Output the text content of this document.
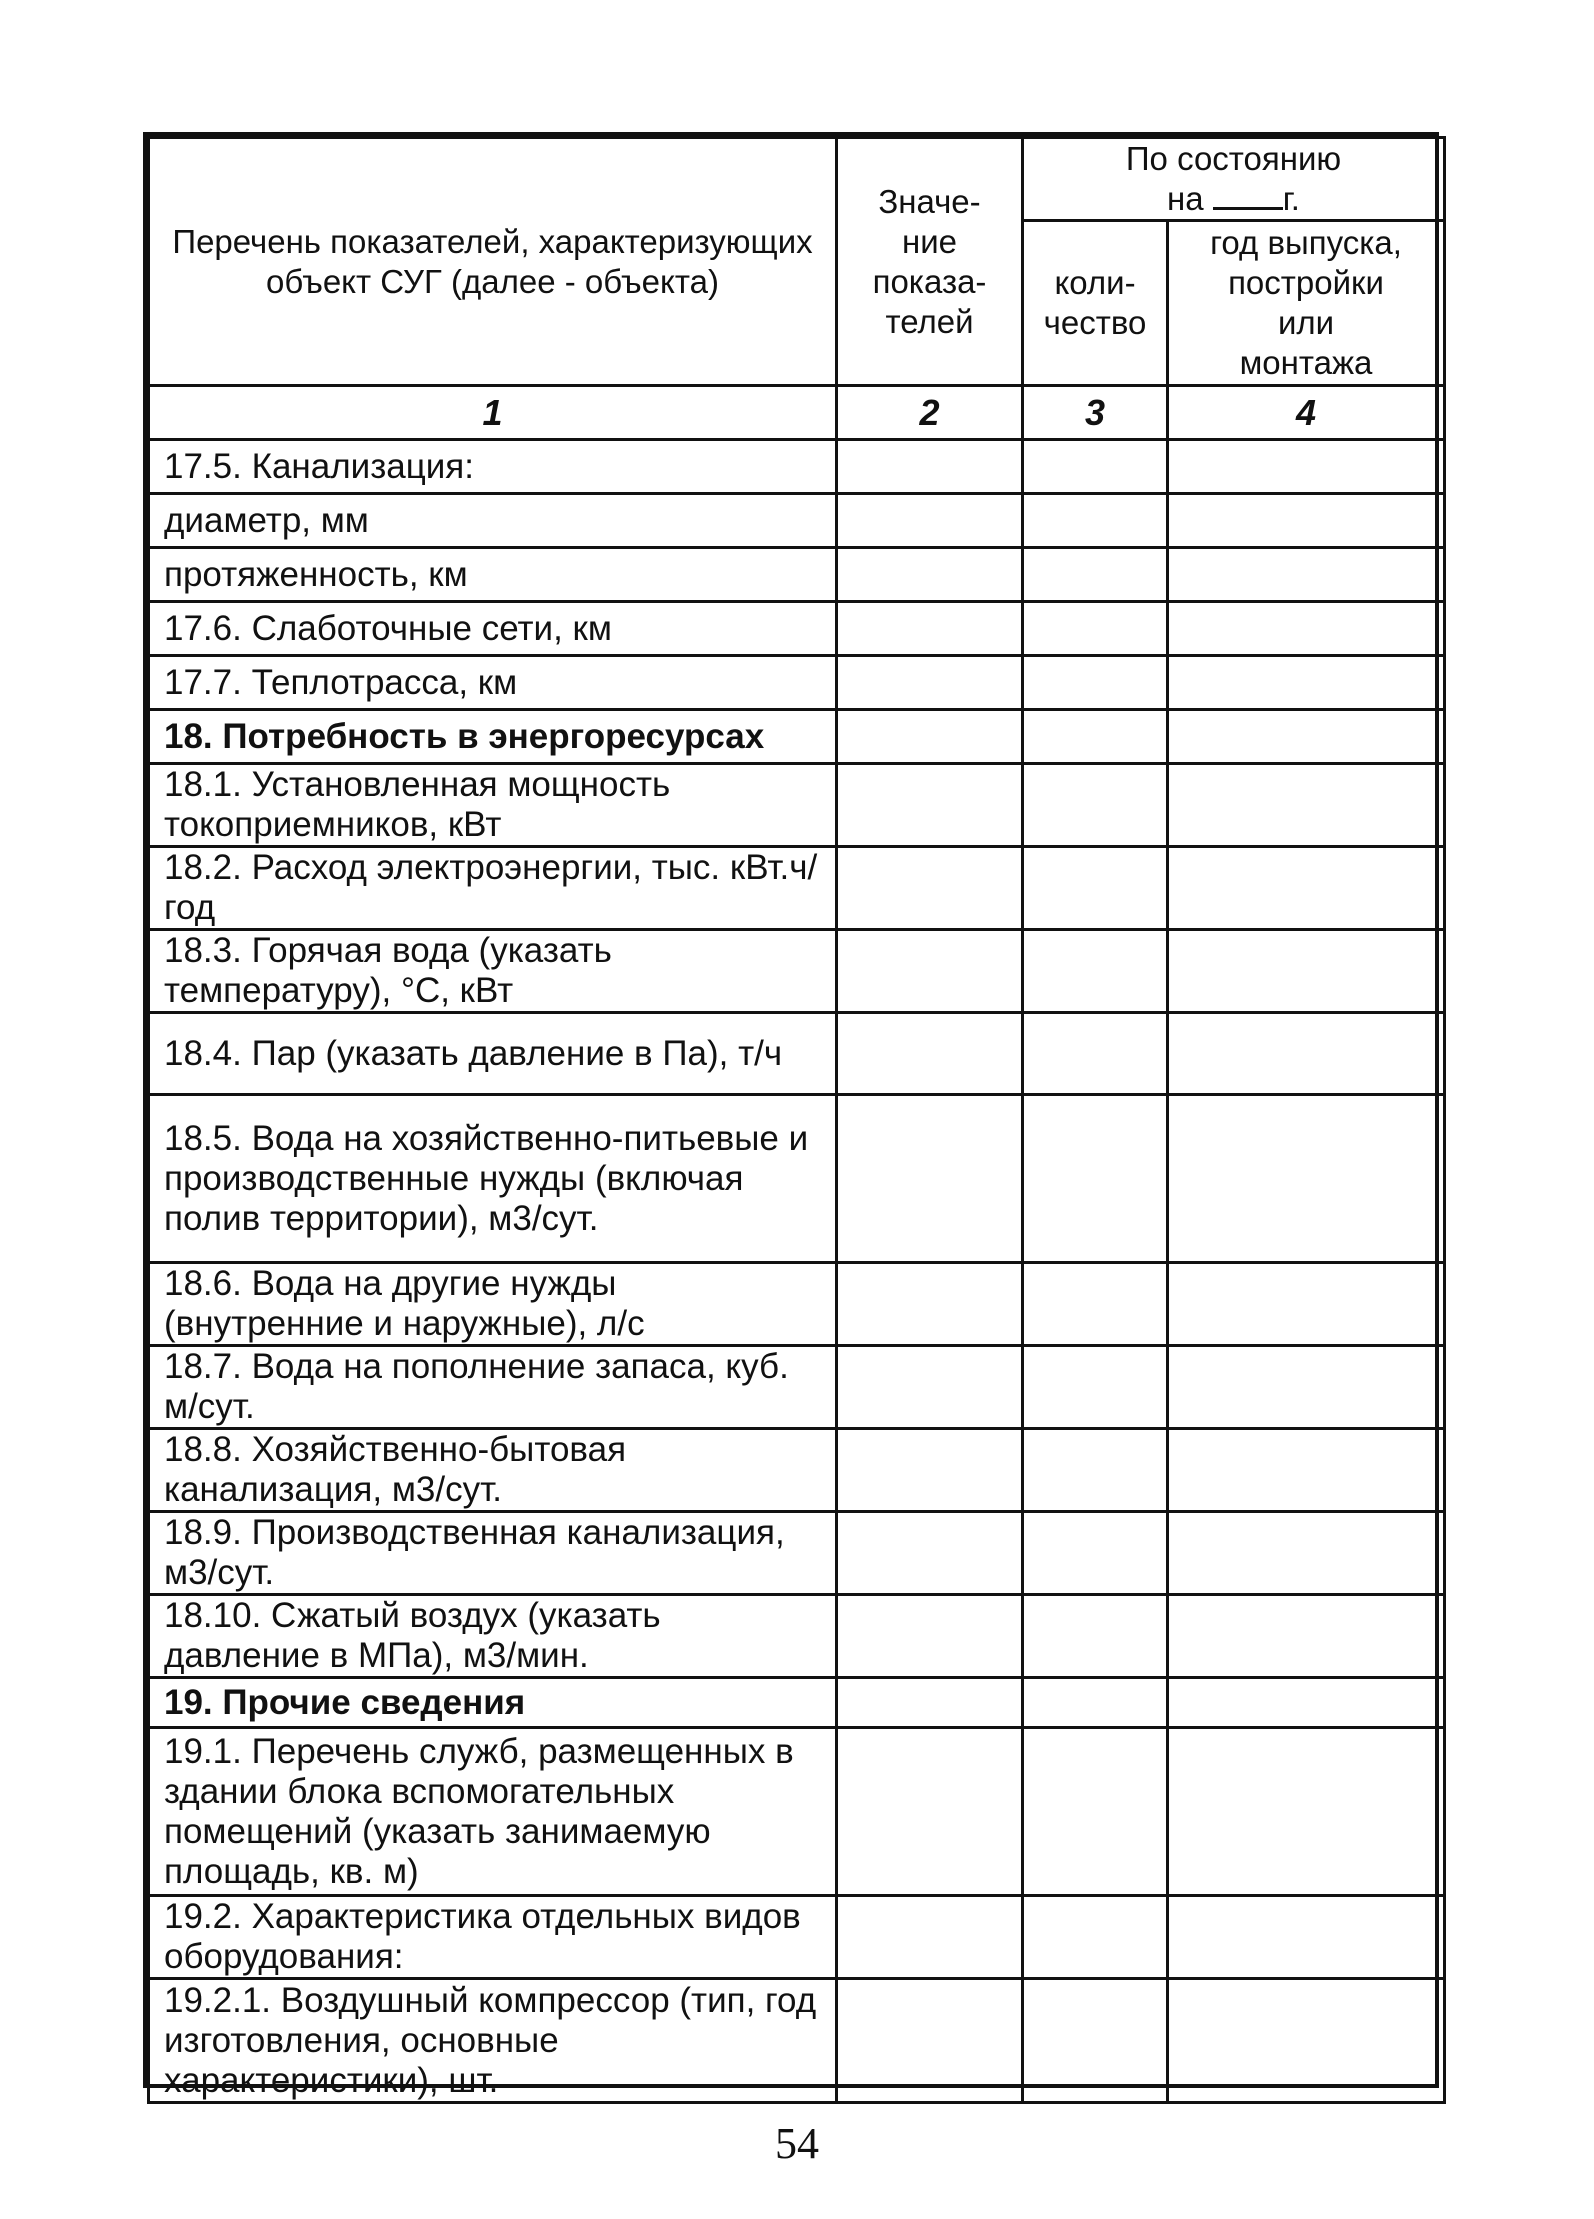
Перечень показателей, характеризующих объект СУГ (далее - объекта)	Значе-
ние
показа-
телей	По состоянию
на г.	
		коли-
чество	год выпуска,
постройки
или
монтажа
1	2	3	4
17.5. Канализация:			
диаметр, мм			
протяженность, км			
17.6. Слаботочные сети, км			
17.7. Теплотрасса, км			
18. Потребность в энергоресурсах			
18.1. Установленная мощность токоприемников, кВт			
18.2. Расход электроэнергии, тыс. кВт.ч/год			
18.3. Горячая вода (указать температуру), °С, кВт			
18.4. Пар (указать давление в Па), т/ч			
18.5. Вода на хозяйственно-питьевые и производственные нужды (включая полив территории), м3/сут.			
18.6. Вода на другие нужды (внутренние и наружные), л/с			
18.7. Вода на пополнение запаса, куб. м/сут.			
18.8. Хозяйственно-бытовая канализация, м3/сут.			
18.9. Производственная канализация, м3/сут.			
18.10. Сжатый воздух (указать давление в МПа), м3/мин.			
19. Прочие сведения			
19.1. Перечень служб, размещенных в здании блока вспомогательных помещений (указать занимаемую площадь, кв. м)			
19.2. Характеристика отдельных видов оборудования:			
19.2.1. Воздушный компрессор (тип, год изготовления, основные характеристики), шт.			
54
